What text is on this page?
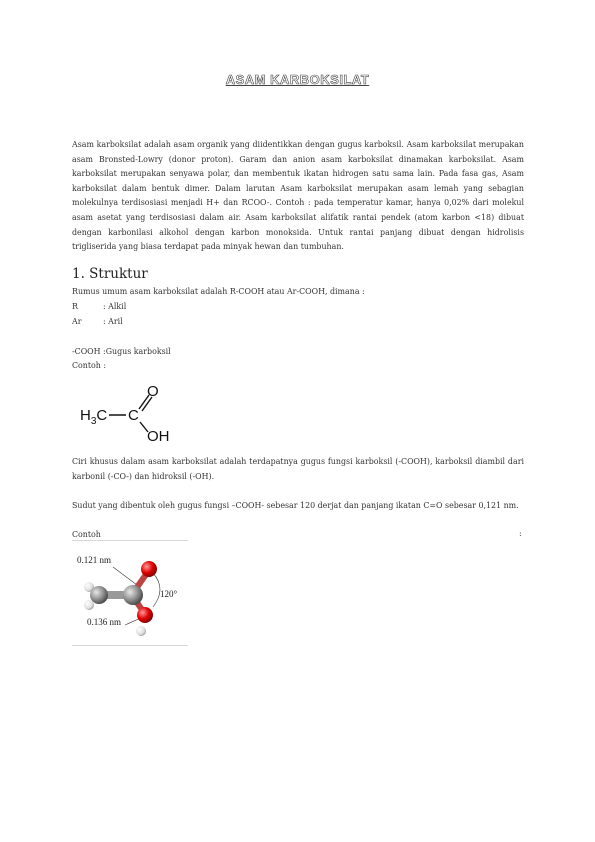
ASAM KARBOKSILAT
Asam karboksilat adalah asam organik yang diidentikkan dengan gugus karboksil. Asam karboksilat merupakan asam Bronsted-Lowry (donor proton). Garam dan anion asam karboksilat dinamakan karboksilat. Asam karboksilat merupakan senyawa polar, dan membentuk ikatan hidrogen satu sama lain. Pada fasa gas, Asam karboksilat dalam bentuk dimer. Dalam larutan Asam karboksilat merupakan asam lemah yang sebagian molekulnya terdisosiasi menjadi H+ dan RCOO-. Contoh : pada temperatur kamar, hanya 0,02% dari molekul asam asetat yang terdisosiasi dalam air. Asam karboksilat alifatik rantai pendek (atom karbon <18) dibuat dengan karbonilasi alkohol dengan karbon monoksida. Untuk rantai panjang dibuat dengan hidrolisis trigliserida yang biasa terdapat pada minyak hewan dan tumbuhan.
1. Struktur
Rumus umum asam karboksilat adalah R-COOH atau Ar-COOH, dimana :
R	: Alkil
Ar	: Aril
-COOH :Gugus karboksil
Contoh :
$H_3C$ C
O
OH
Ciri khusus dalam asam karboksilat adalah terdapatnya gugus fungsi karboksil (-COOH), karboksil diambil dari karbonil (-CO-) dan hidroksil (-OH).
Sudut yang dibentuk oleh gugus fungsi –COOH- sebesar 120 derjat dan panjang ikatan C=O sebesar 0,121 nm.
Contoh	:
0.121 nm
0.136 nm
120°
